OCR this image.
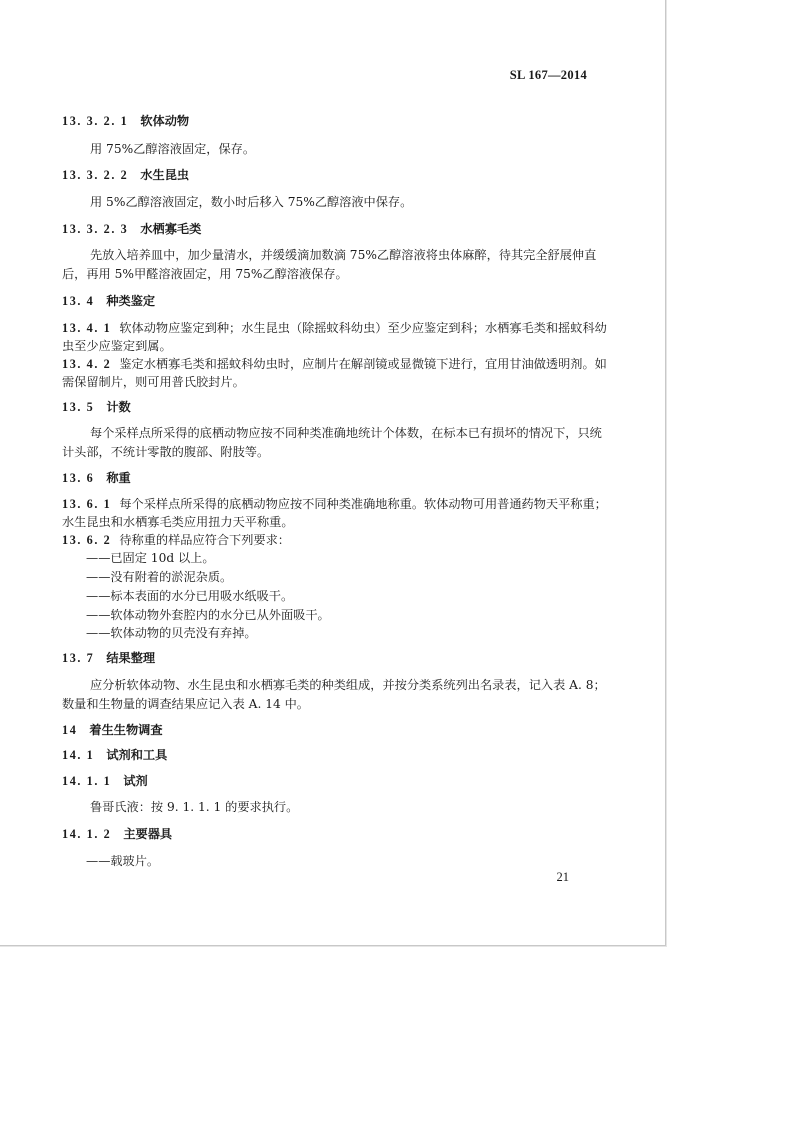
SL 167—2014
13. 3. 2. 1 软体动物
用 75%乙醇溶液固定，保存。
13. 3. 2. 2 水生昆虫
用 5%乙醇溶液固定，数小时后移入 75%乙醇溶液中保存。
13. 3. 2. 3 水栖寡毛类
先放入培养皿中，加少量清水，并缓缓滴加数滴 75%乙醇溶液将虫体麻醉，待其完全舒展伸直
后，再用 5%甲醛溶液固定，用 75%乙醇溶液保存。
13. 4 种类鉴定
13. 4. 1 软体动物应鉴定到种；水生昆虫（除摇蚊科幼虫）至少应鉴定到科；水栖寡毛类和摇蚊科幼
虫至少应鉴定到属。
13. 4. 2 鉴定水栖寡毛类和摇蚊科幼虫时，应制片在解剖镜或显微镜下进行，宜用甘油做透明剂。如
需保留制片，则可用普氏胶封片。
13. 5 计数
每个采样点所采得的底栖动物应按不同种类准确地统计个体数，在标本已有损坏的情况下，只统
计头部，不统计零散的腹部、附肢等。
13. 6 称重
13. 6. 1 每个采样点所采得的底栖动物应按不同种类准确地称重。软体动物可用普通药物天平称重；
水生昆虫和水栖寡毛类应用扭力天平称重。
13. 6. 2 待称重的样品应符合下列要求：
——已固定 10d 以上。
——没有附着的淤泥杂质。
——标本表面的水分已用吸水纸吸干。
——软体动物外套腔内的水分已从外面吸干。
——软体动物的贝壳没有弃掉。
13. 7 结果整理
应分析软体动物、水生昆虫和水栖寡毛类的种类组成，并按分类系统列出名录表，记入表 A. 8；
数量和生物量的调查结果应记入表 A. 14 中。
14 着生生物调查
14. 1 试剂和工具
14. 1. 1 试剂
鲁哥氏液：按 9. 1. 1. 1 的要求执行。
14. 1. 2 主要器具
——载玻片。
21
